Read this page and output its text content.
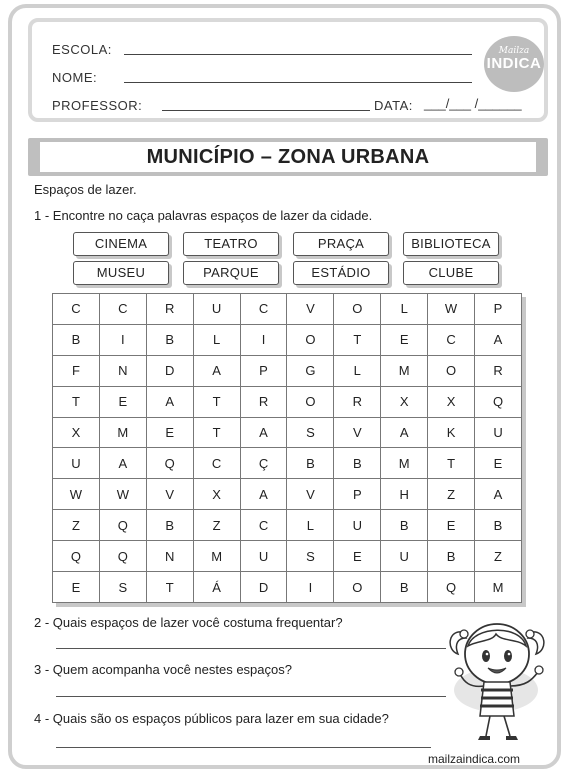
ESCOLA:
NOME:
PROFESSOR:	DATA: ___/___ /______
Mailza
INDICA
MUNICÍPIO – ZONA URBANA
Espaços de lazer.
1 - Encontre no caça palavras espaços de lazer da cidade.
CINEMA	TEATRO	PRAÇA	BIBLIOTECA
MUSEU	PARQUE	ESTÁDIO	CLUBE
C	C	R	U	C	V	O	L	W	P
B	I	B	L	I	O	T	E	C	A
F	N	D	A	P	G	L	M	O	R
T	E	A	T	R	O	R	X	X	Q
X	M	E	T	A	S	V	A	K	U
U	A	Q	C	Ç	B	B	M	T	E
W	W	V	X	A	V	P	H	Z	A
Z	Q	B	Z	C	L	U	B	E	B
Q	Q	N	M	U	S	E	U	B	Z
E	S	T	Á	D	I	O	B	Q	M
2 - Quais espaços de lazer você costuma frequentar?
3 - Quem acompanha você nestes espaços?
4 - Quais são os espaços públicos para lazer em sua cidade?
mailzaindica.com
